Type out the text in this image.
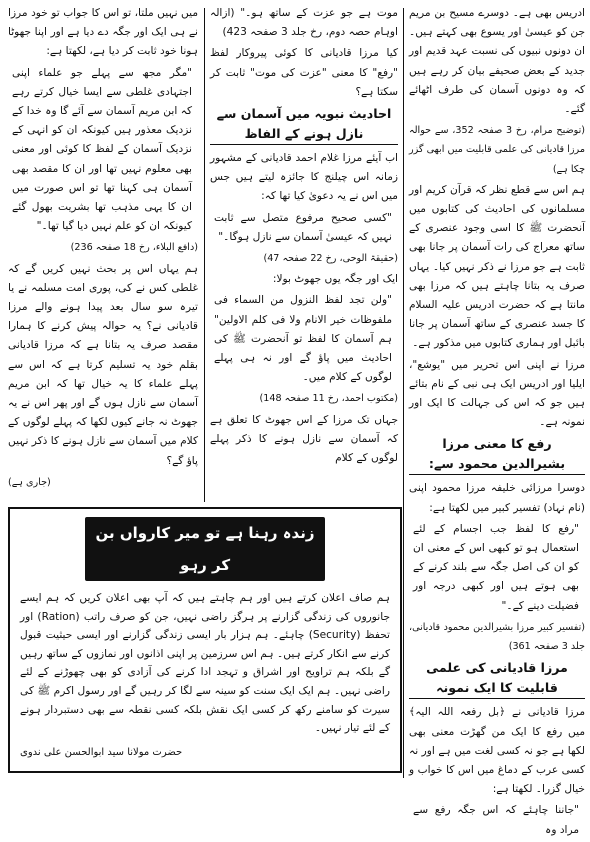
ادریس بھی ہے۔ دوسرے مسیح بن مریم جن کو عیسیٰ اور یسوع بھی کہتے ہیں۔ ان دونوں نبیوں کی نسبت عہد قدیم اور جدید کے بعض صحیفے بیان کر رہے ہیں کہ وہ دونوں آسمان کی طرف اٹھائے گئے۔

(توضیح مرام، رخ 3 صفحہ 352، سے حوالہ مرزا قادیانی کی علمی قابلیت میں ابھی گزر چکا ہے)

ہم اس سے قطع نظر کہ قرآن کریم اور مسلمانوں کی احادیث کی کتابوں میں آنحضرت ﷺ کا اسی وجود عنصری کے ساتھ معراج کی رات آسمان پر جانا بھی ثابت ہے جو مرزا نے ذکر نہیں کیا۔ یہاں صرف یہ بتانا چاہتے ہیں کہ مرزا بھی مانتا ہے کہ حضرت ادریس علیہ السلام کا جسد عنصری کے ساتھ آسمان پر جانا بائبل اور ہماری کتابوں میں مذکور ہے۔

مرزا نے اپنی اس تحریر میں "یوشع"، ایلیا اور ادریس ایک ہی نبی کے نام بتائے ہیں جو کہ اس کی جہالت کا ایک اور نمونہ ہے۔

رفع کا معنی مرزا بشیرالدین محمود سے:

دوسرا مرزائی خلیفہ مرزا محمود اپنی (نام نہاد) تفسیر کبیر میں لکھتا ہے:

"رفع کا لفظ جب اجسام کے لئے استعمال ہو تو کبھی اس کے معنی ان کو ان کی اصل جگہ سے بلند کرنے کے بھی ہوتے ہیں اور کبھی درجہ اور فضیلت دینے کے۔"

(تفسیر کبیر مرزا بشیرالدین محمود قادیانی، جلد 3 صفحہ 361)

مرزا قادیانی کی علمی قابلیت کا ایک نمونہ

مرزا قادیانی نے ﴿بل رفعہ اللہ الیہ﴾ میں رفع کا ایک من گھڑت معنی بھی لکھا ہے جو نہ کسی لغت میں ہے اور نہ کسی عرب کے دماغ میں اس کا خواب و خیال گزرا۔ لکھتا ہے:

"جاننا چاہئے کہ اس جگہ رفع سے مراد وہ

موت ہے جو عزت کے ساتھ ہو۔" (ازالہ اوہام حصہ دوم، رخ جلد 3 صفحہ 423)

کیا مرزا قادیانی کا کوئی پیروکار لفظ "رفع" کا معنی "عزت کی موت" ثابت کر سکتا ہے؟

احادیث نبویہ میں آسمان سے نازل ہونے کے الفاظ

اب آیئے مرزا غلام احمد قادیانی کے مشہور زمانہ اس چیلنج کا جائزہ لیتے ہیں جس میں اس نے یہ دعویٰ کیا تھا کہ:

"کسی صحیح مرفوع متصل سے ثابت نہیں کہ عیسیٰ آسمان سے نازل ہوگا۔"

(حقیقۃ الوحی، رخ 22 صفحہ 47)

ایک اور جگہ یوں جھوٹ بولا:

"ولن تجد لفظ النزول من السماء فی ملفوظات خیر الانام ولا فی کلم الاولین" ہم آسمان کا لفظ تو آنحضرت ﷺ کی احادیث میں پاؤ گے اور نہ ہی پہلے لوگوں کے کلام میں۔

(مکتوب احمد، رخ 11 صفحہ 148)

جہاں تک مرزا کے اس جھوٹ کا تعلق ہے کہ آسمان سے نازل ہونے کا ذکر پہلے لوگوں کے کلام

میں نہیں ملتا، تو اس کا جواب تو خود مرزا نے ہی ایک اور جگہ دے دیا ہے اور اپنا جھوٹا ہونا خود ثابت کر دیا ہے، لکھتا ہے:

"مگر مجھ سے پہلے جو علماء اپنی اجتہادی غلطی سے ایسا خیال کرتے رہے کہ ابن مریم آسمان سے آئے گا وہ خدا کے نزدیک معذور ہیں کیونکہ ان کو انہی کے نزدیک آسمان کے لفظ کا کوئی اور معنی بھی معلوم نہیں تھا اور ان کا مقصد بھی آسمان ہی کہنا تھا تو اس صورت میں ان کا یہی مذہب تھا بشریت بھول گئے کیونکہ ان کو علم نہیں دیا گیا تھا۔"

(دافع البلاء، رخ 18 صفحہ 236)

ہم یہاں اس پر بحث نہیں کریں گے کہ غلطی کس نے کی، پوری امت مسلمہ نے یا تیرہ سو سال بعد پیدا ہونے والے مرزا قادیانی نے؟ یہ حوالہ پیش کرنے کا ہمارا مقصد صرف یہ بتانا ہے کہ مرزا قادیانی بقلم خود یہ تسلیم کرتا ہے کہ اس سے پہلے علماء کا یہ خیال تھا کہ ابن مریم آسمان سے نازل ہوں گے اور پھر اس نے یہ جھوٹ نہ جانے کیوں لکھا کہ پہلے لوگوں کے کلام میں آسمان سے نازل ہونے کا ذکر نہیں پاؤ گے؟

(جاری ہے)

زندہ رہنا ہے تو میر کارواں بن کر رہو

ہم صاف اعلان کرتے ہیں اور ہم چاہتے ہیں کہ آپ بھی اعلان کریں کہ ہم ایسے جانوروں کی زندگی گزارنے پر ہرگز راضی نہیں، جن کو صرف راتب (Ration) اور تحفظ (Security) چاہئے۔ ہم ہزار بار ایسی زندگی گزارنے اور ایسی حیثیت قبول کرنے سے انکار کرتے ہیں۔ ہم اس سرزمین پر اپنی اذانوں اور نمازوں کے ساتھ رہیں گے بلکہ ہم تراویح اور اشراق و تہجد ادا کرنے کی آزادی کو بھی چھوڑنے کے لئے راضی نہیں۔ ہم ایک ایک سنت کو سینہ سے لگا کر رہیں گے اور رسول اکرم ﷺ کی سیرت کو سامنے رکھ کر کسی ایک نقش بلکہ کسی نقطہ سے بھی دستبردار ہونے کے لئے تیار نہیں۔

حضرت مولانا سید ابوالحسن علی ندوی
